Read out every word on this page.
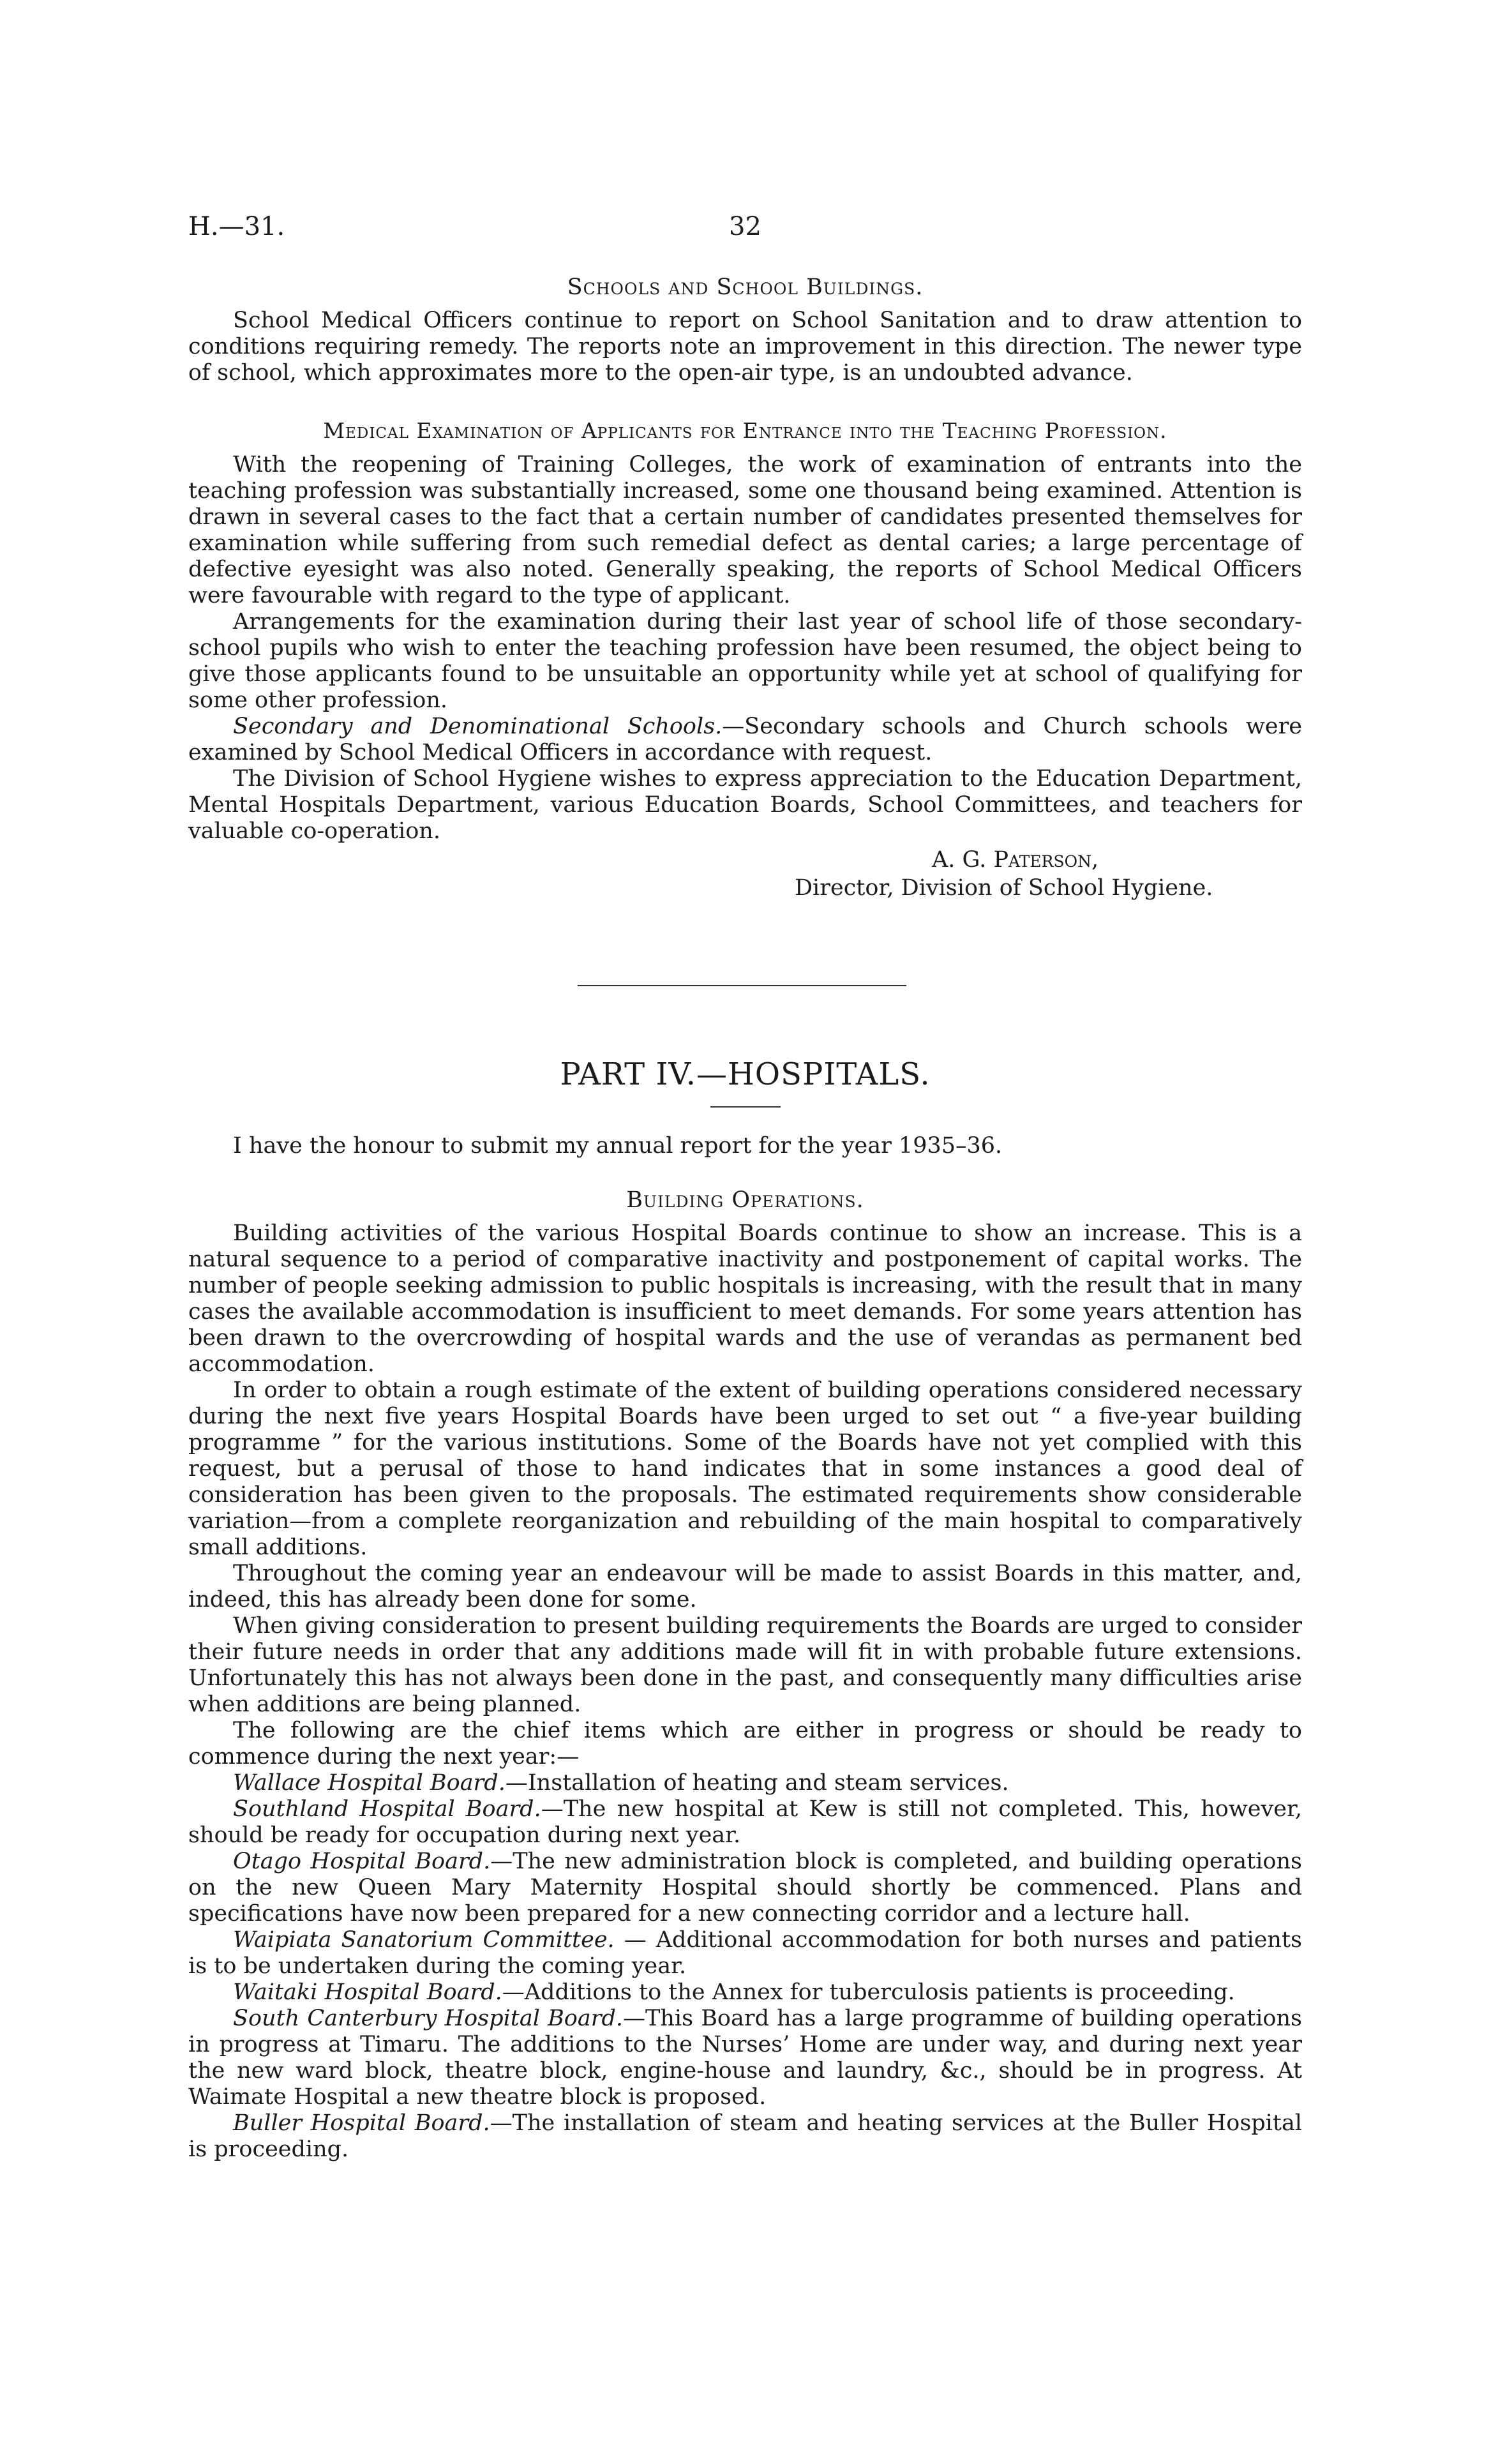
H.—31.	32
Schools and School Buildings.

School Medical Officers continue to report on School Sanitation and to draw attention to conditions requiring remedy. The reports note an improvement in this direction. The newer type of school, which approximates more to the open-air type, is an undoubted advance.

Medical Examination of Applicants for Entrance into the Teaching Profession.

With the reopening of Training Colleges, the work of examination of entrants into the teaching profession was substantially increased, some one thousand being examined. Attention is drawn in several cases to the fact that a certain number of candidates presented themselves for examination while suffering from such remedial defect as dental caries; a large percentage of defective eyesight was also noted. Generally speaking, the reports of School Medical Officers were favourable with regard to the type of applicant.

Arrangements for the examination during their last year of school life of those secondary-school pupils who wish to enter the teaching profession have been resumed, the object being to give those applicants found to be unsuitable an opportunity while yet at school of qualifying for some other profession.

Secondary and Denominational Schools.—Secondary schools and Church schools were examined by School Medical Officers in accordance with request.

The Division of School Hygiene wishes to express appreciation to the Education Department, Mental Hospitals Department, various Education Boards, School Committees, and teachers for valuable co-operation.

A. G. Paterson,
Director, Division of School Hygiene.
PART IV.—HOSPITALS.
I have the honour to submit my annual report for the year 1935–36.
Building Operations.

Building activities of the various Hospital Boards continue to show an increase. This is a natural sequence to a period of comparative inactivity and postponement of capital works. The number of people seeking admission to public hospitals is increasing, with the result that in many cases the available accommodation is insufficient to meet demands. For some years attention has been drawn to the overcrowding of hospital wards and the use of verandas as permanent bed accommodation.

In order to obtain a rough estimate of the extent of building operations considered necessary during the next five years Hospital Boards have been urged to set out “ a five-year building programme ” for the various institutions. Some of the Boards have not yet complied with this request, but a perusal of those to hand indicates that in some instances a good deal of consideration has been given to the proposals. The estimated requirements show considerable variation—from a complete reorganization and rebuilding of the main hospital to comparatively small additions.

Throughout the coming year an endeavour will be made to assist Boards in this matter, and, indeed, this has already been done for some.

When giving consideration to present building requirements the Boards are urged to consider their future needs in order that any additions made will fit in with probable future extensions. Unfortunately this has not always been done in the past, and consequently many difficulties arise when additions are being planned.

The following are the chief items which are either in progress or should be ready to commence during the next year:—

Wallace Hospital Board.—Installation of heating and steam services.

Southland Hospital Board.—The new hospital at Kew is still not completed. This, however, should be ready for occupation during next year.

Otago Hospital Board.—The new administration block is completed, and building operations on the new Queen Mary Maternity Hospital should shortly be commenced. Plans and specifications have now been prepared for a new connecting corridor and a lecture hall.

Waipiata Sanatorium Committee. — Additional accommodation for both nurses and patients is to be undertaken during the coming year.

Waitaki Hospital Board.—Additions to the Annex for tuberculosis patients is proceeding.

South Canterbury Hospital Board.—This Board has a large programme of building operations in progress at Timaru. The additions to the Nurses’ Home are under way, and during next year the new ward block, theatre block, engine-house and laundry, &c., should be in progress. At Waimate Hospital a new theatre block is proposed.

Buller Hospital Board.—The installation of steam and heating services at the Buller Hospital is proceeding.
